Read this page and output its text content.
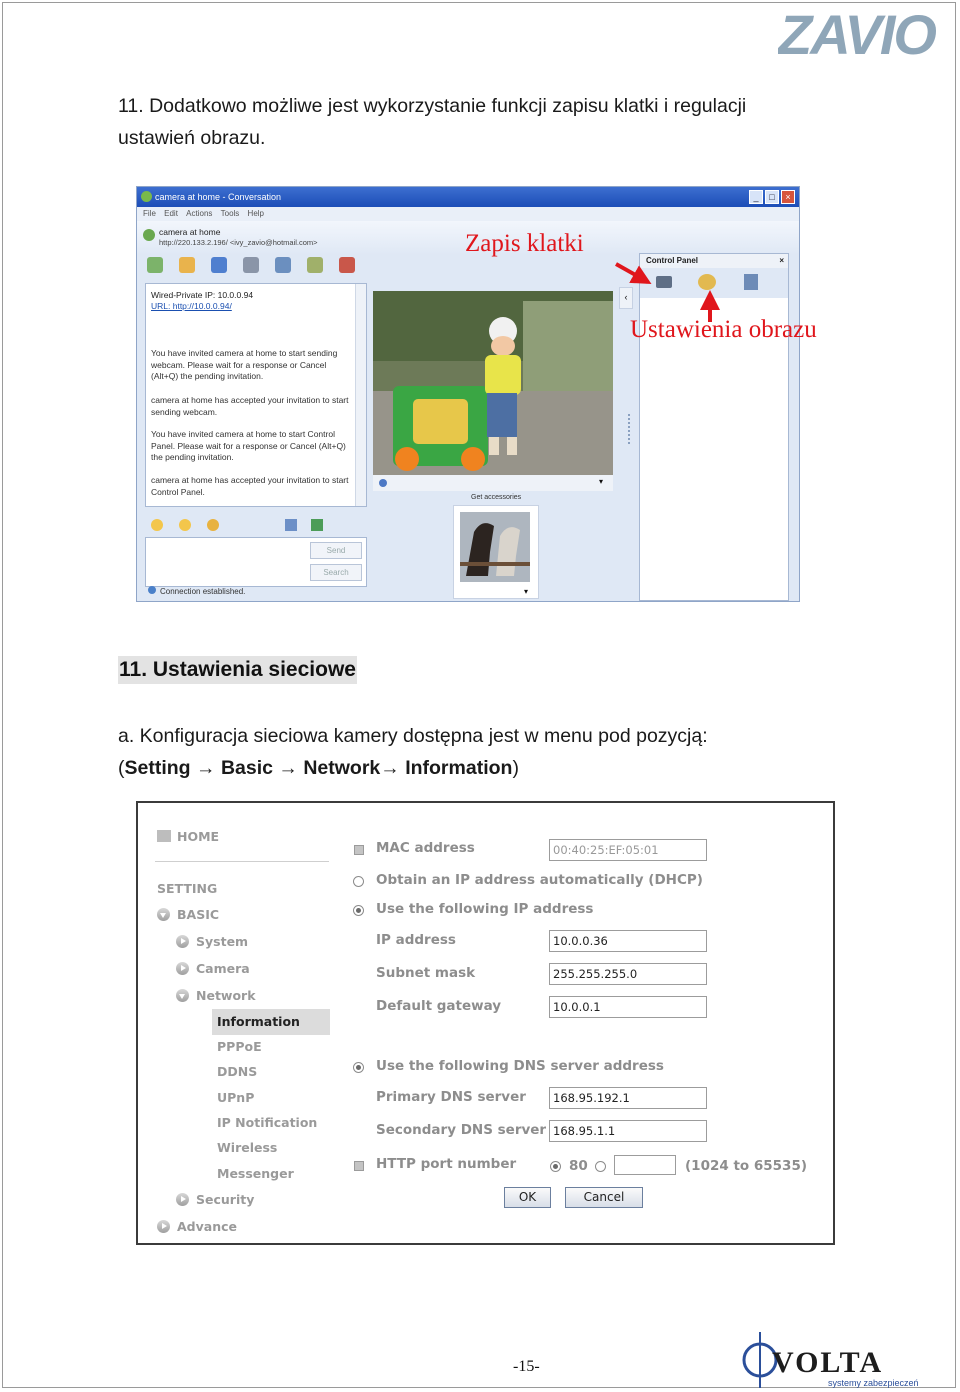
ZAVIO
11. Dodatkowo możliwe jest wykorzystanie funkcji zapisu klatki i regulacji
ustawień obrazu.
camera at home - Conversation	_	□	×
File Edit Actions Tools Help
camera at home
http://220.133.2.196/ <ivy_zavio@hotmail.com>
Wired-Private IP: 10.0.0.94
URL: http://10.0.0.94/
You have invited camera at home to start sending webcam. Please wait for a response or Cancel (Alt+Q) the pending invitation.
camera at home has accepted your invitation to start sending webcam.
You have invited camera at home to start Control Panel. Please wait for a response or Cancel (Alt+Q) the pending invitation.
camera at home has accepted your invitation to start Control Panel.
Send
Search
Connection established.
▾
Get accessories
▾
‹
Control Panel	×
Zapis klatki
Ustawienia obrazu
11. Ustawienia sieciowe
a. Konfiguracja sieciowa kamery dostępna jest w menu pod pozycją:
(Setting → Basic → Network→ Information)
HOME
SETTING
BASIC
System
Camera
Network
Information
PPPoE
DDNS
UPnP
IP Notification
Wireless
Messenger
Security
Advance
MAC address	00:40:25:EF:05:01
Obtain an IP address automatically (DHCP)
Use the following IP address
IP address	10.0.0.36
Subnet mask	255.255.255.0
Default gateway	10.0.0.1
Use the following DNS server address
Primary DNS server	168.95.192.1
Secondary DNS server 168.95.1.1
HTTP port number	80	(1024 to 65535)
OK	Cancel
-15-	VOLTA
systemy zabezpieczeń
